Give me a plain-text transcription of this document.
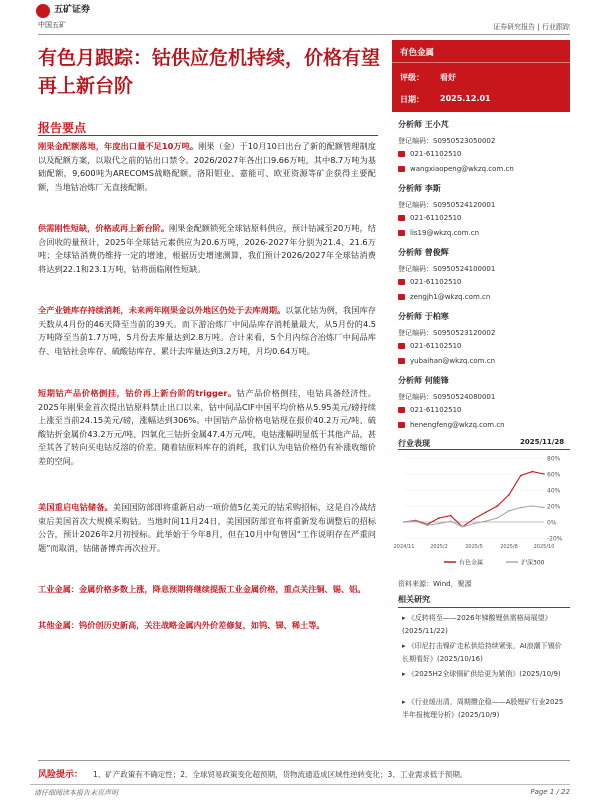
五矿证券
中国五矿	证券研究报告 | 行业跟踪
有色月跟踪：钴供应危机持续，价格有望再上新台阶
有色金属
评级： 看好
日期： 2025.12.01
报告要点
刚果金配额落地，年度出口量不足10万吨。刚果（金）于10月10日出台了新的配额管理制度以及配额方案，以取代之前的钴出口禁令。2026/2027年各出口9.66万吨，其中8.7万吨为基础配额，9,600吨为ARECOMS战略配额。洛阳钼业、嘉能可、欧亚资源等矿企获得主要配额，当地钴冶炼厂无直接配额。
供需刚性短缺，价格或再上新台阶。刚果金配额锁死全球钴原料供应，预计钴减至20万吨，结合回收的量预计，2025年全球钴元素供应为20.6万吨，2026-2027年分别为21.4、21.6万吨；全球钴消费仍维持一定的增速，根据历史增速测算，我们预计2026/2027年全球钴消费将达到22.1和23.1万吨，钴将面临刚性短缺。
全产业链库存持续消耗，未来两年刚果金以外地区仍处于去库周期。以氯化钴为例，我国库存天数从4月份的46天降至当前的39天。而下游冶炼厂中间品库存消耗量最大，从5月份的4.5万吨降至当前1.7万吨，5月份去库量达到2.8万吨。合计来看，5个月内综合冶炼厂中间品库存、电钴社会库存、硫酸钴库存、累计去库量达到3.2万吨，月均0.64万吨。
短期钴产品价格倒挂，钴价再上新台阶的trigger。钴产品价格倒挂，电钴具备经济性。2025年刚果金首次提出钴原料禁止出口以来，钴中间品CIF中国平均价格从5.95美元/磅持续上涨至当前24.15美元/磅，涨幅达到306%。中国钴产品价格电钴现在报价40.2万元/吨、硫酸钴折金属价43.2万元/吨、四氧化三钴折金属47.4万元/吨，电钴涨幅明显低于其他产品，甚至其各了转向买电钴反溶的价差。随着钴原料库存的消耗，我们认为电钴价格仍有补涨收缩价差的空间。
美国重启电钴储备。美国国防部即将重新启动一项价值5亿美元的钴采购招标，这是自冷战结束后美国首次大规模采购钴。当地时间11月24日，美国国防部宣布将重新发布调整后的招标公告，预计2026年2月初授标。此举始于今年8月，但在10月中旬曾因“工作说明存在严重问题”而取消，钴储备博弈再次拉开。
工业金属：金属价格多数上涨，降息预期将继续提振工业金属价格，重点关注铜、锡、铝。
其他金属：钨价创历史新高，关注战略金属内外价差修复，如钨、锑、稀土等。
分析师 王小芃
登记编码：S0950523050002
021-61102510
wangxiaopeng@wkzq.com.cn
分析师 李斯
登记编码：S0950524120001
021-61102510
lis19@wkzq.com.cn
分析师 曾俊辉
登记编码：S0950524100001
021-61102510
zengjh1@wkzq.com.cn
分析师 于柏寒
登记编码：S0950523120002
021-61102510
yubaihan@wkzq.com.cn
分析师 何能锋
登记编码：S0950524080001
021-61102510
henengfeng@wkzq.com.cn
行业表现	2025/11/28
80%
60%
40%
20%
0%
-20%
2024/11	2025/2	2025/5	2025/8	2025/10
有色金属	沪深300
资料来源：Wind，聚源
相关研究
▸ 《反转将至——2026年锑酸锂供需格局展望》(2025/11/22)
▸ 《印尼打击镍矿走私供给持续紧张，AI浪潮下锡价长期看好》(2025/10/16)
▸ 《2025H2全球铜矿供给更为紧俏》(2025/10/9)
▸ 《行业缓出清，周期攒企稳——A股锂矿行业2025半年报梳理分析》(2025/10/9)
风险提示： 1、矿产政策有不确定性；2、全球贸易政策变化超预期，货物流通造成区域性逆转变化；3、工业需求低于预期。
请仔细阅读本报告末页声明	Page 1 / 22
